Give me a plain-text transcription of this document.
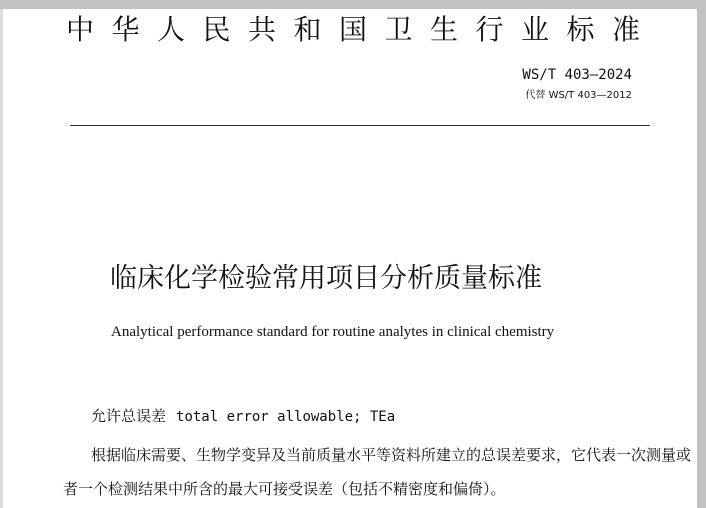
中华人民共和国卫生行业标准
WS/T 403—2024
代替 WS/T 403—2012
临床化学检验常用项目分析质量标准
Analytical performance standard for routine analytes in clinical chemistry
允许总误差 total error allowable; TEa
根据临床需要、生物学变异及当前质量水平等资料所建立的总误差要求，它代表一次测量或者一个检测结果中所含的最大可接受误差（包括不精密度和偏倚）。
